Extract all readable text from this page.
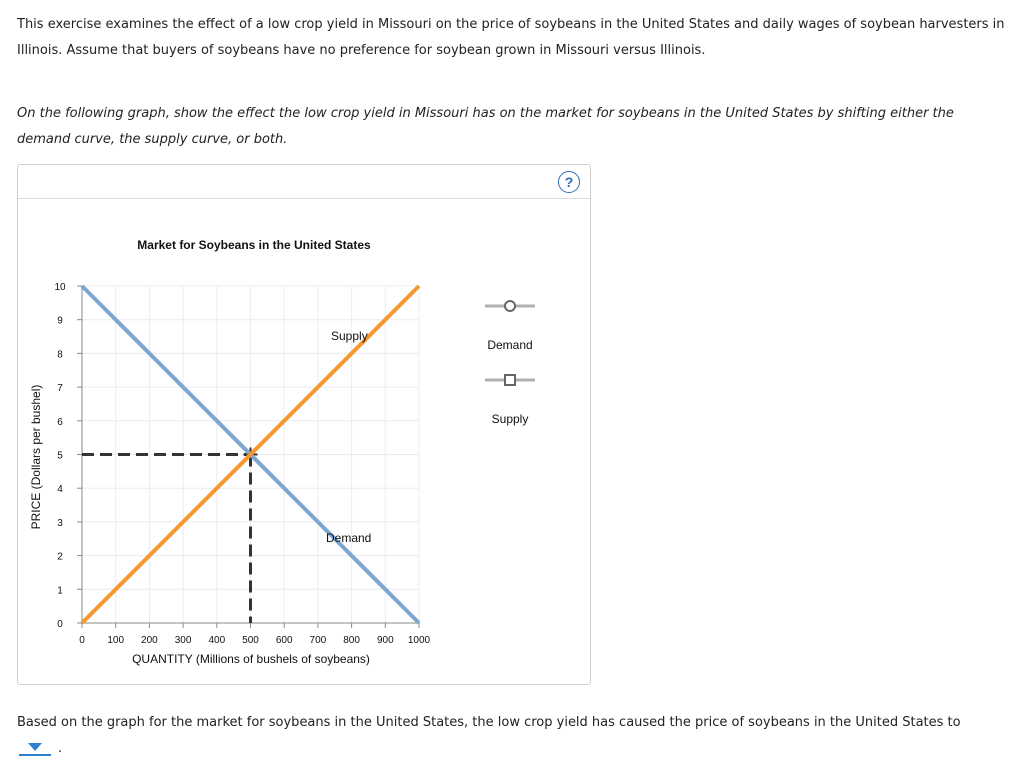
This exercise examines the effect of a low crop yield in Missouri on the price of soybeans in the United States and daily wages of soybean harvesters in Illinois. Assume that buyers of soybeans have no preference for soybean grown in Missouri versus Illinois.

On the following graph, show the effect the low crop yield in Missouri has on the market for soybeans in the United States by shifting either the demand curve, the supply curve, or both.

?
0 100 200 300 400 500 600 700 800 900 1000
0
1
2
3
4
5
6
7
8
9
10
Market for Soybeans in the United States
PRICE (Dollars per bushel)
QUANTITY (Millions of bushels of soybeans)
Supply
Demand
Demand
Supply

Based on the graph for the market for soybeans in the United States, the low crop yield has caused the price of soybeans in the United States to

.
